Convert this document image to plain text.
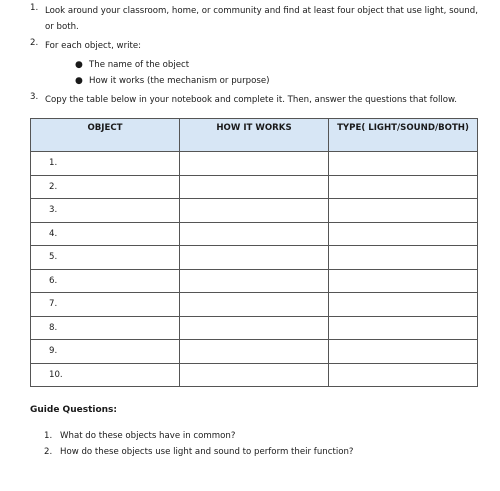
1. Look around your classroom, home, or community and find at least four object that use light, sound, or both.
2. For each object, write:
● The name of the object
● How it works (the mechanism or purpose)
3. Copy the table below in your notebook and complete it. Then, answer the questions that follow.
OBJECT	HOW IT WORKS	TYPE( LIGHT/SOUND/BOTH)
1.		
2.		
3.		
4.		
5.		
6.		
7.		
8.		
9.		
10.		
Guide Questions:
1. What do these objects have in common?
2. How do these objects use light and sound to perform their function?
